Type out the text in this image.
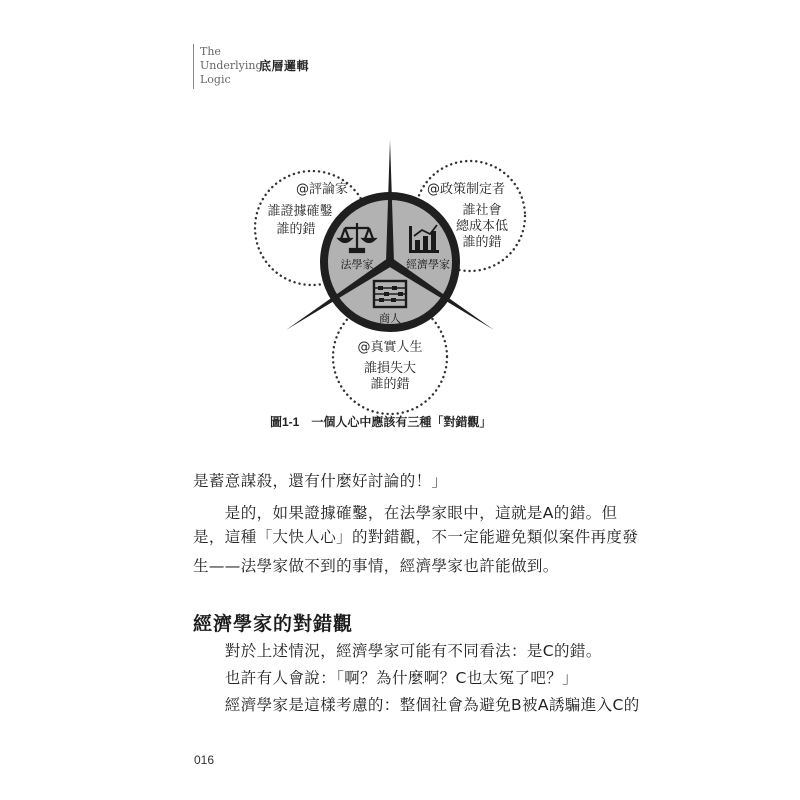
The
Underlying
Logic
底層邏輯
@評論家
誰證據確鑿
誰的錯
@政策制定者
誰社會
總成本低
誰的錯
@真實人生
誰損失大
誰的錯
法學家	經濟學家
商人
圖1-1 一個人心中應該有三種「對錯觀」
是蓄意謀殺，還有什麼好討論的！」
　　是的，如果證據確鑿，在法學家眼中，這就是A的錯。但
是，這種「大快人心」的對錯觀，不一定能避免類似案件再度發
生——法學家做不到的事情，經濟學家也許能做到。
經濟學家的對錯觀
　　對於上述情況，經濟學家可能有不同看法：是C的錯。
　　也許有人會說：「啊？為什麼啊？C也太冤了吧？」
　　經濟學家是這樣考慮的：整個社會為避免B被A誘騙進入C的
016
